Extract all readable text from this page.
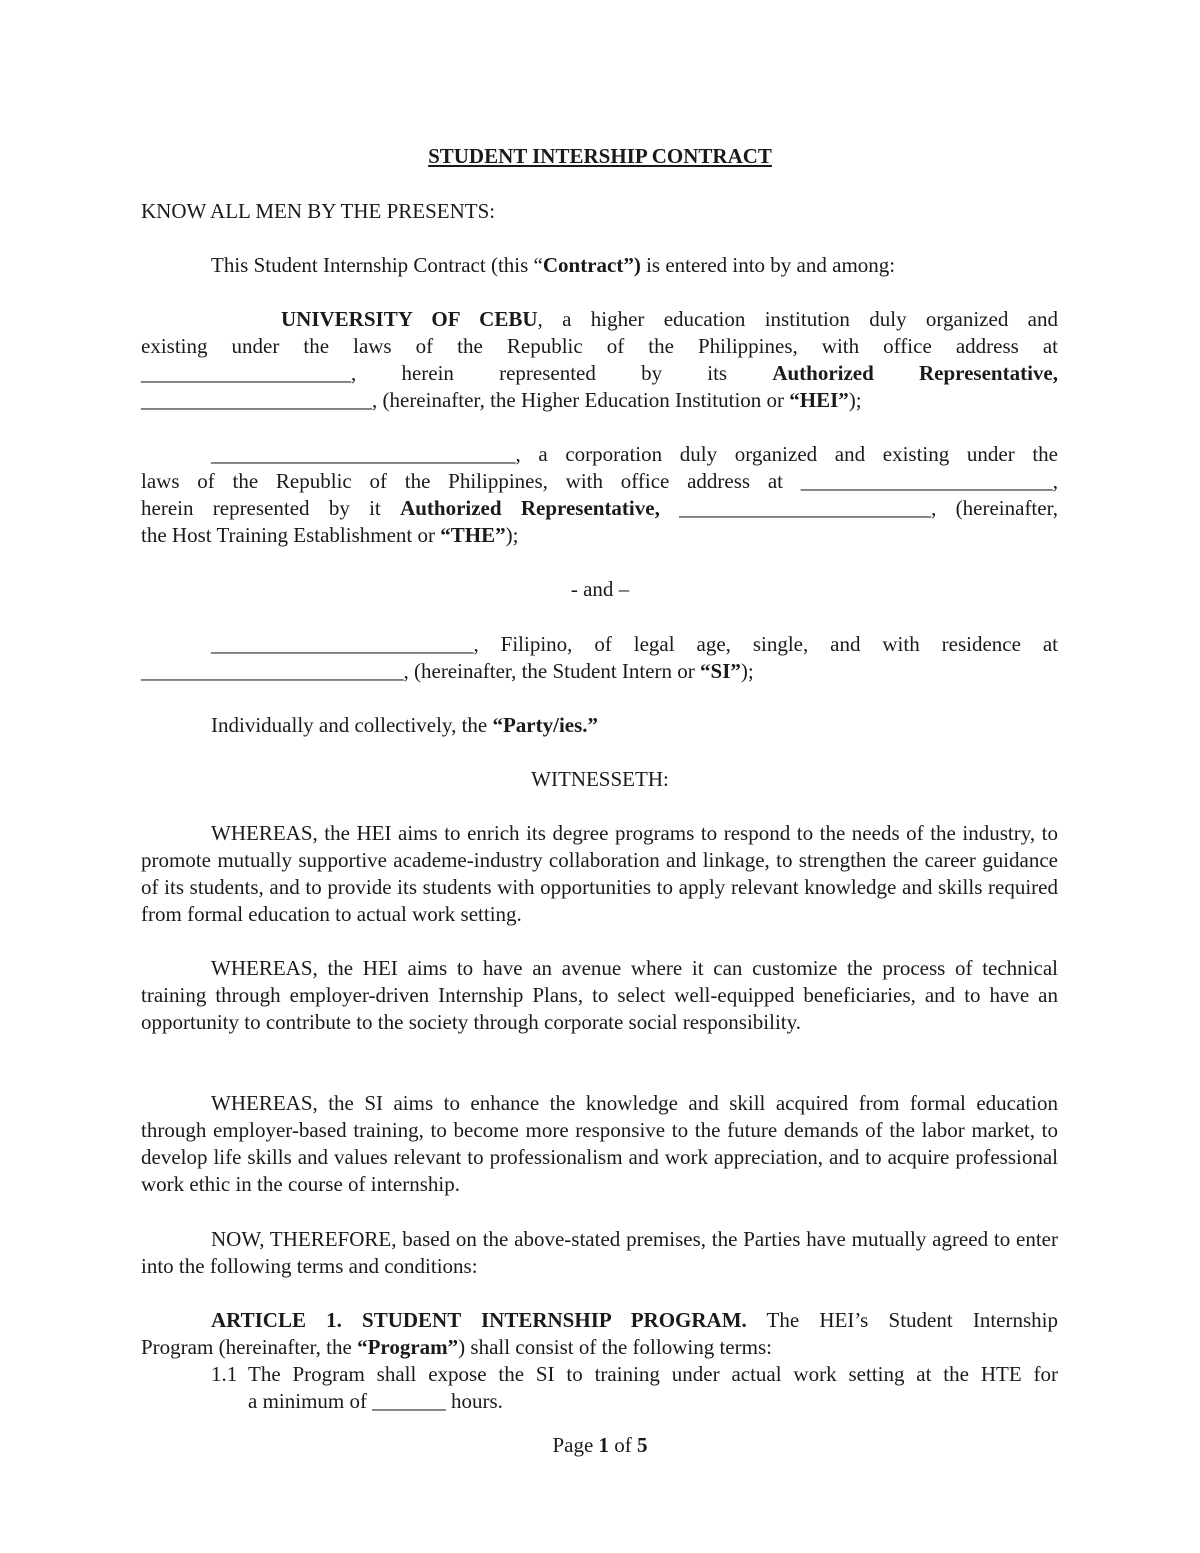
STUDENT INTERSHIP CONTRACT
KNOW ALL MEN BY THE PRESENTS:
This Student Internship Contract (this “Contract”) is entered into by and among:
UNIVERSITY OF CEBU, a higher education institution duly organized and
existing under the laws of the Republic of the Philippines, with office address at
____________________, herein represented by its Authorized Representative,
______________________, (hereinafter, the Higher Education Institution or “HEI”);
_____________________________, a corporation duly organized and existing under the
laws of the Republic of the Philippines, with office address at ________________________,
herein represented by it Authorized Representative, ________________________, (hereinafter,
the Host Training Establishment or “THE”);
- and –
_________________________, Filipino, of legal age, single, and with residence at
_________________________, (hereinafter, the Student Intern or “SI”);
Individually and collectively, the “Party/ies.”
WITNESSETH:
WHEREAS, the HEI aims to enrich its degree programs to respond to the needs of the industry, to promote mutually supportive academe-industry collaboration and linkage, to strengthen the career guidance of its students, and to provide its students with opportunities to apply relevant knowledge and skills required from formal education to actual work setting.
WHEREAS, the HEI aims to have an avenue where it can customize the process of technical training through employer-driven Internship Plans, to select well-equipped beneficiaries, and to have an opportunity to contribute to the society through corporate social responsibility.
WHEREAS, the SI aims to enhance the knowledge and skill acquired from formal education through employer-based training, to become more responsive to the future demands of the labor market, to develop life skills and values relevant to professionalism and work appreciation, and to acquire professional work ethic in the course of internship.
NOW, THEREFORE, based on the above-stated premises, the Parties have mutually agreed to enter into the following terms and conditions:
ARTICLE 1. STUDENT INTERNSHIP PROGRAM. The HEI’s Student Internship
Program (hereinafter, the “Program”) shall consist of the following terms:
1.1 The Program shall expose the SI to training under actual work setting at the HTE for
a minimum of _______ hours.
Page 1 of 5
